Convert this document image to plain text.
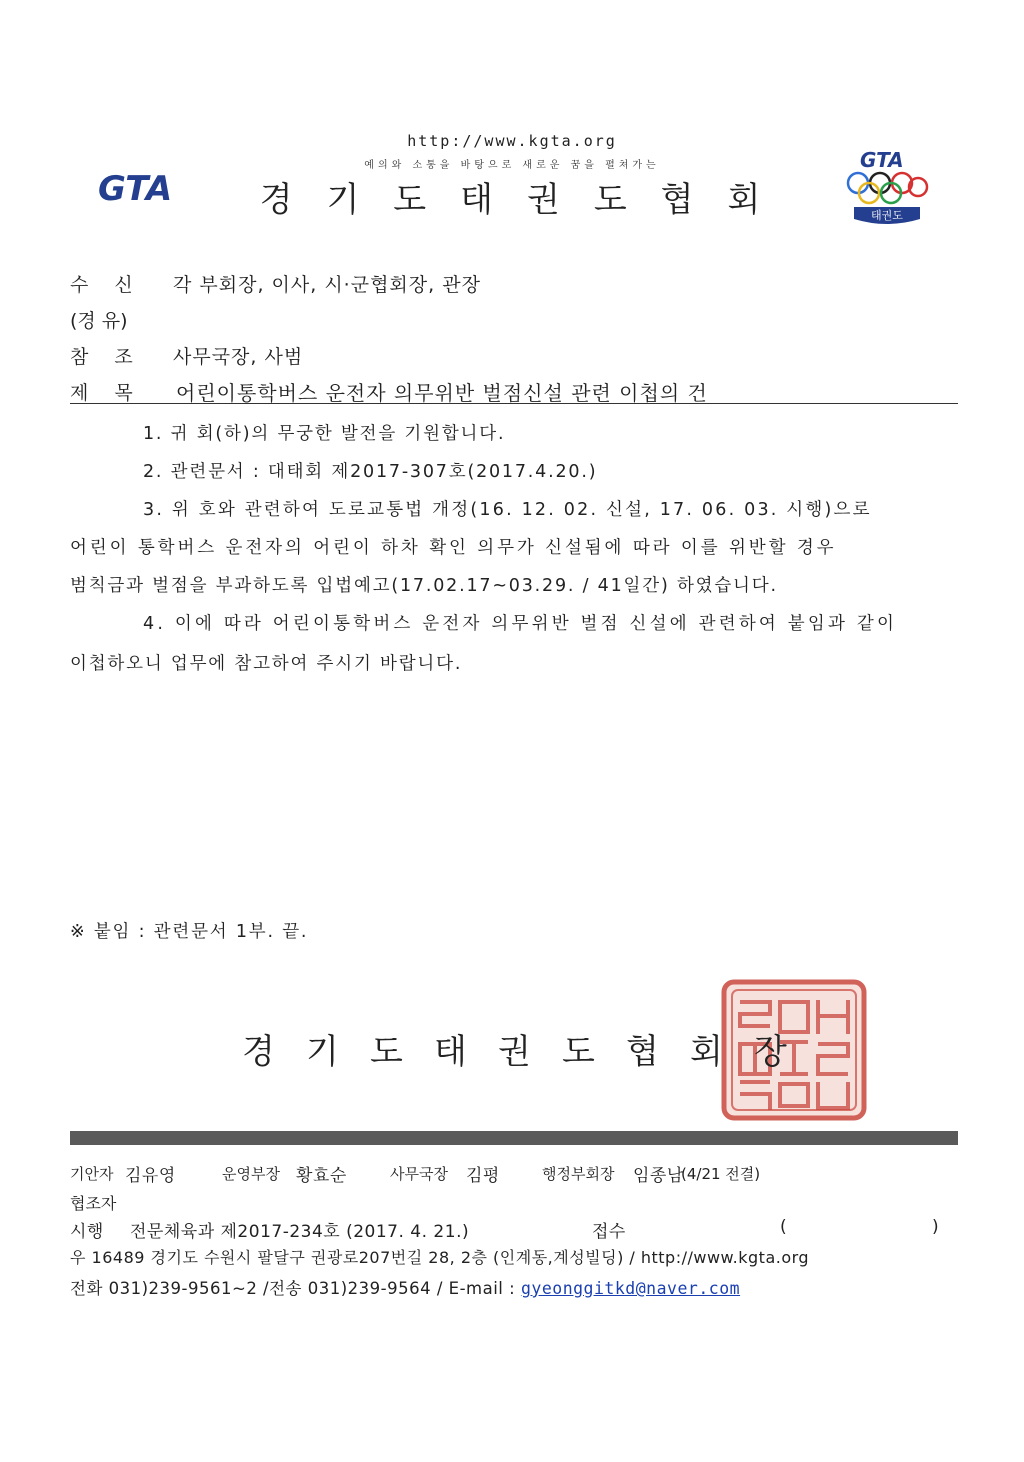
http://www.kgta.org
예의와 소통을 바탕으로 새로운 꿈을 펼쳐가는
경기도태권도협회
GTA
GTA
태권도
수 신 각 부회장, 이사, 시·군협회장, 관장
(경 유)
참 조 사무국장, 사범
제 목 어린이통학버스 운전자 의무위반 벌점신설 관련 이첩의 건
1. 귀 회(하)의 무궁한 발전을 기원합니다.
2. 관련문서 : 대태회 제2017-307호(2017.4.20.)
3. 위 호와 관련하여 도로교통법 개정(16. 12. 02. 신설, 17. 06. 03. 시행)으로
어린이 통학버스 운전자의 어린이 하차 확인 의무가 신설됨에 따라 이를 위반할 경우
범칙금과 벌점을 부과하도록 입법예고(17.02.17~03.29. / 41일간) 하였습니다.
4. 이에 따라 어린이통학버스 운전자 의무위반 벌점 신설에 관련하여 붙임과 같이
이첩하오니 업무에 참고하여 주시기 바랍니다.
※ 붙임 : 관련문서 1부. 끝.
경 기 도 태 권 도 협 회 장
기안자 김유영	운영부장 황효순	사무국장 김평	행정부회장 임종남
(4/21 전결)
협조자
시행 전문체육과 제2017-234호 (2017. 4. 21.)	접수	(	)
우 16489 경기도 수원시 팔달구 권광로207번길 28, 2층 (인계동,계성빌딩) / http://www.kgta.org
전화 031)239-9561~2 /전송 031)239-9564 / E-mail : gyeonggitkd@naver.com
